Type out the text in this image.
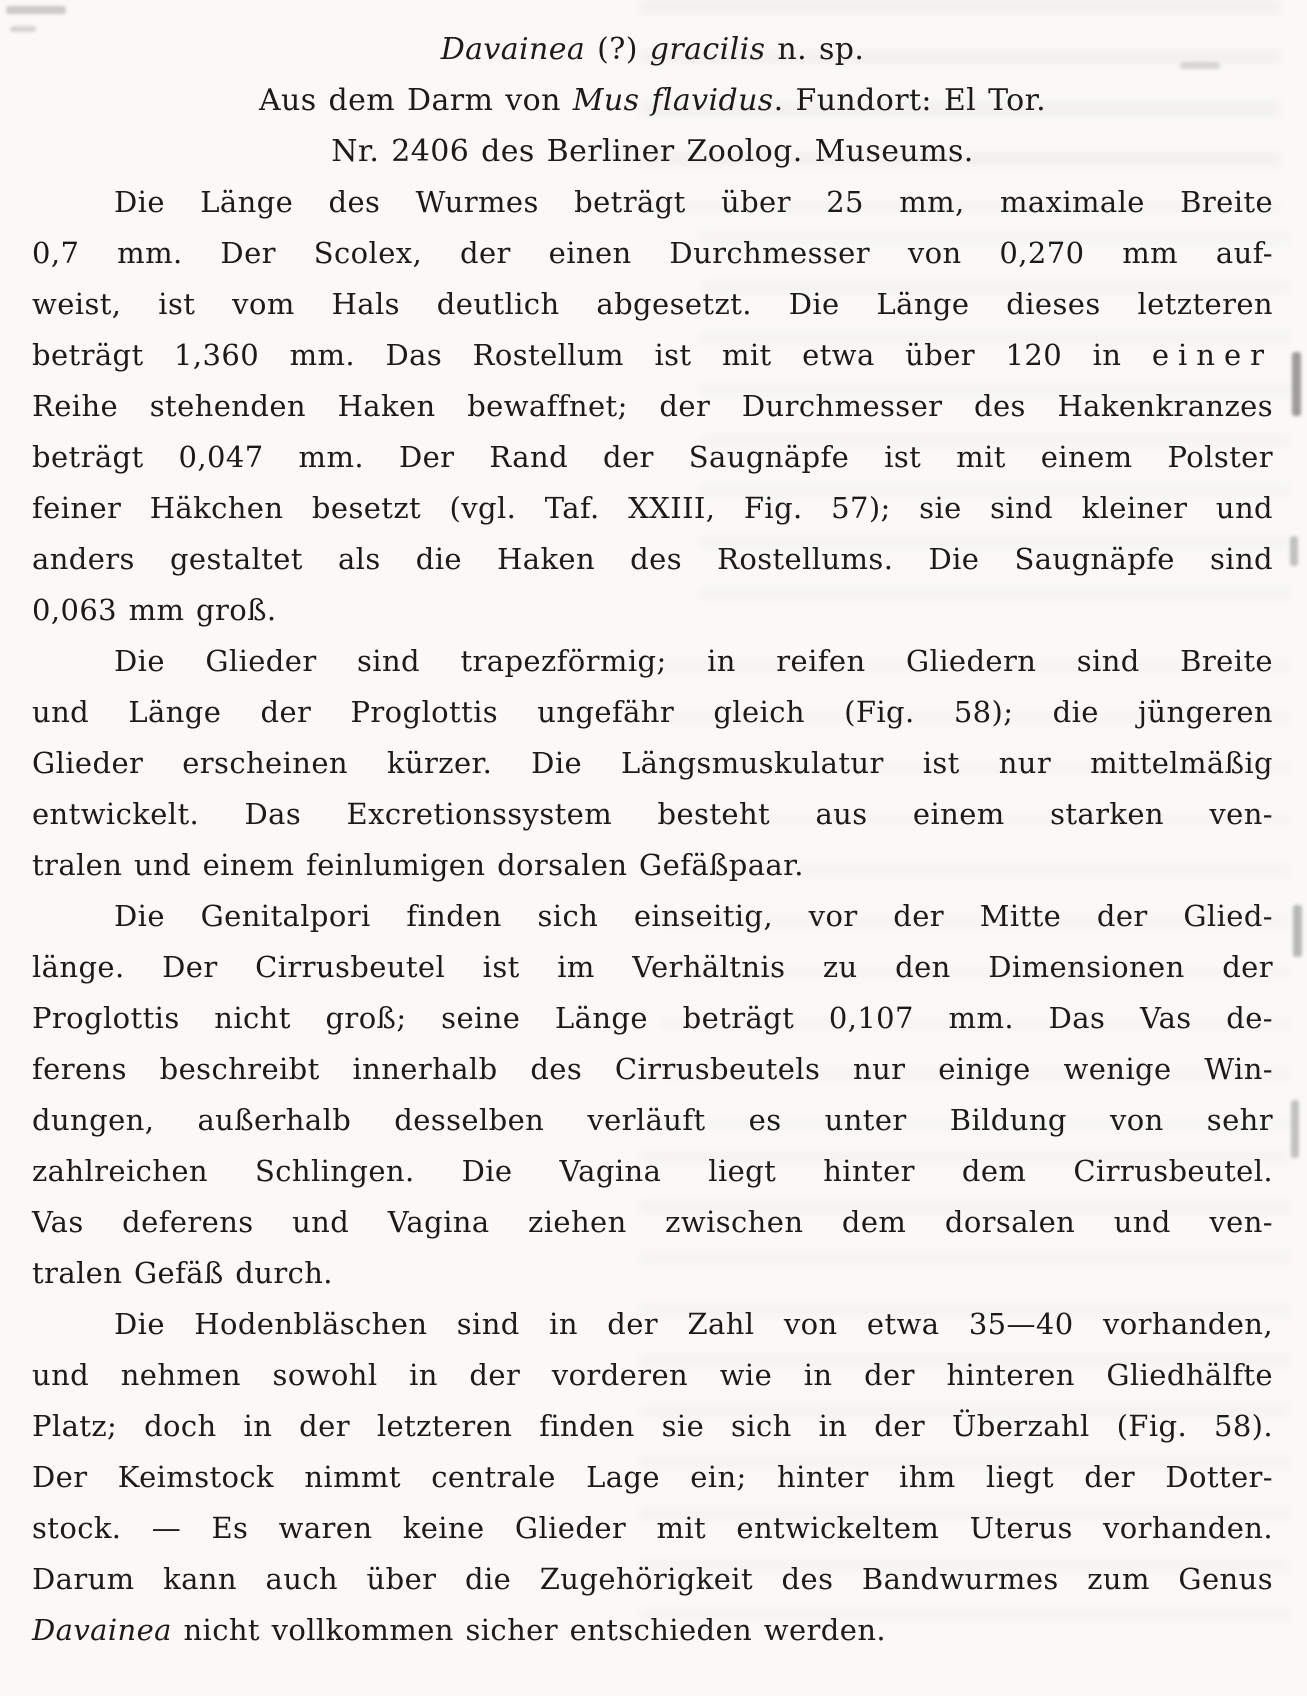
Davainea (?) gracilis n. sp.
Aus dem Darm von Mus flavidus. Fundort: El Tor.
Nr. 2406 des Berliner Zoolog. Museums.
Die Länge des Wurmes beträgt über 25 mm, maximale Breite
0,7 mm. Der Scolex, der einen Durchmesser von 0,270 mm auf-
weist, ist vom Hals deutlich abgesetzt. Die Länge dieses letzteren
beträgt 1,360 mm. Das Rostellum ist mit etwa über 120 in einer
Reihe stehenden Haken bewaffnet; der Durchmesser des Hakenkranzes
beträgt 0,047 mm. Der Rand der Saugnäpfe ist mit einem Polster
feiner Häkchen besetzt (vgl. Taf. XXIII, Fig. 57); sie sind kleiner und
anders gestaltet als die Haken des Rostellums. Die Saugnäpfe sind
0,063 mm groß.
Die Glieder sind trapezförmig; in reifen Gliedern sind Breite
und Länge der Proglottis ungefähr gleich (Fig. 58); die jüngeren
Glieder erscheinen kürzer. Die Längsmuskulatur ist nur mittelmäßig
entwickelt. Das Excretionssystem besteht aus einem starken ven-
tralen und einem feinlumigen dorsalen Gefäßpaar.
Die Genitalpori finden sich einseitig, vor der Mitte der Glied-
länge. Der Cirrusbeutel ist im Verhältnis zu den Dimensionen der
Proglottis nicht groß; seine Länge beträgt 0,107 mm. Das Vas de-
ferens beschreibt innerhalb des Cirrusbeutels nur einige wenige Win-
dungen, außerhalb desselben verläuft es unter Bildung von sehr
zahlreichen Schlingen. Die Vagina liegt hinter dem Cirrusbeutel.
Vas deferens und Vagina ziehen zwischen dem dorsalen und ven-
tralen Gefäß durch.
Die Hodenbläschen sind in der Zahl von etwa 35—40 vorhanden,
und nehmen sowohl in der vorderen wie in der hinteren Gliedhälfte
Platz; doch in der letzteren finden sie sich in der Überzahl (Fig. 58).
Der Keimstock nimmt centrale Lage ein; hinter ihm liegt der Dotter-
stock. — Es waren keine Glieder mit entwickeltem Uterus vorhanden.
Darum kann auch über die Zugehörigkeit des Bandwurmes zum Genus
Davainea nicht vollkommen sicher entschieden werden.
